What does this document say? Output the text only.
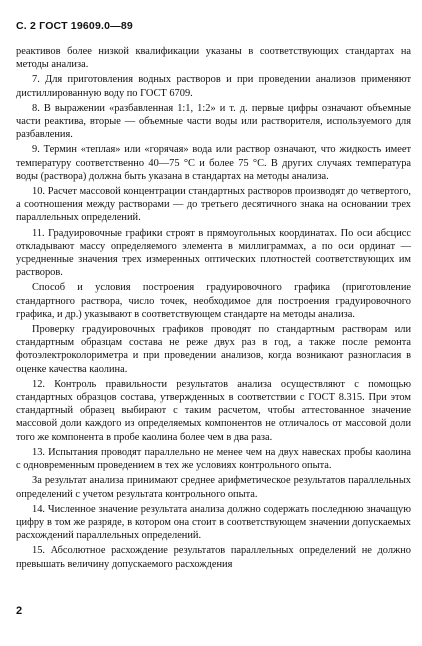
С. 2 ГОСТ 19609.0—89

реактивов более низкой квалификации указаны в соответствующих стандартах на методы анализа.

7. Для приготовления водных растворов и при проведении анализов применяют дистиллированную воду по ГОСТ 6709.

8. В выражении «разбавленная 1:1, 1:2» и т. д. первые цифры означают объемные части реактива, вторые — объемные части воды или растворителя, используемого для разбавления.

9. Термин «теплая» или «горячая» вода или раствор означают, что жидкость имеет температуру соответственно 40—75 °С и более 75 °С. В других случаях температура воды (раствора) должна быть указана в стандартах на методы анализа.

10. Расчет массовой концентрации стандартных растворов производят до четвертого, а соотношения между растворами — до третьего десятичного знака на основании трех параллельных определений.

11. Градуировочные графики строят в прямоугольных координатах. По оси абсцисс откладывают массу определяемого элемента в миллиграммах, а по оси ординат — усредненные значения трех измеренных оптических плотностей соответствующих им растворов.

Способ и условия построения градуировочного графика (приготовление стандартного раствора, число точек, необходимое для построения градуировочного графика, и др.) указывают в соответствующем стандарте на методы анализа.

Проверку градуировочных графиков проводят по стандартным растворам или стандартным образцам состава не реже двух раз в год, а также после ремонта фотоэлектроколориметра и при проведении анализов, когда возникают разногласия в оценке качества каолина.

12. Контроль правильности результатов анализа осуществляют с помощью стандартных образцов состава, утвержденных в соответствии с ГОСТ 8.315. При этом стандартный образец выбирают с таким расчетом, чтобы аттестованное значение массовой доли каждого из определяемых компонентов не отличалось от массовой доли того же компонента в пробе каолина более чем в два раза.

13. Испытания проводят параллельно не менее чем на двух навесках пробы каолина с одновременным проведением в тех же условиях контрольного опыта.

За результат анализа принимают среднее арифметическое результатов параллельных определений с учетом результата контрольного опыта.

14. Численное значение результата анализа должно содержать последнюю значащую цифру в том же разряде, в котором она стоит в соответствующем значении допускаемых расхождений параллельных определений.

15. Абсолютное расхождение результатов параллельных определений не должно превышать величину допускаемого расхождения

2
